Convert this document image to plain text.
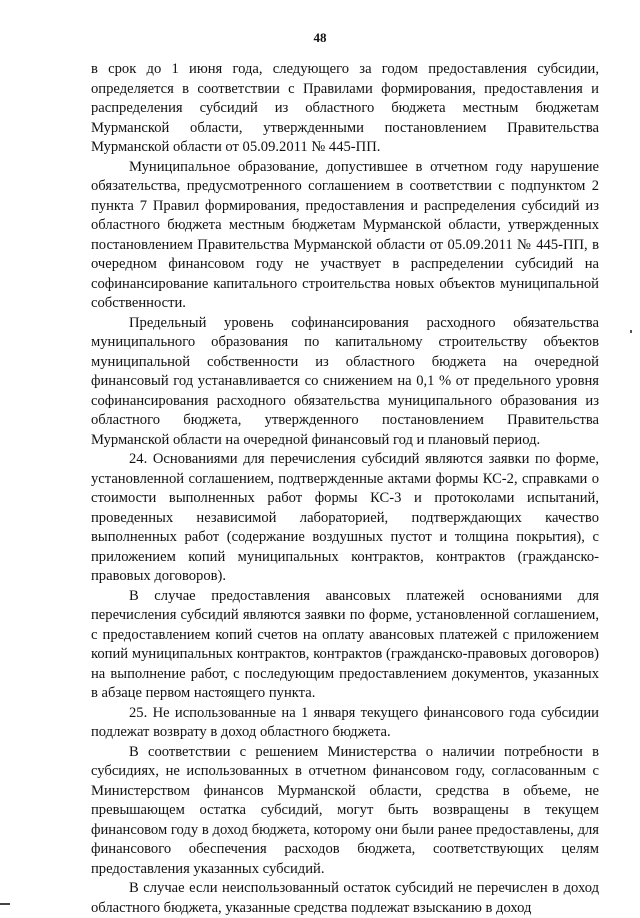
48

в срок до 1 июня года, следующего за годом предоставления субсидии, определяется в соответствии с Правилами формирования, предоставления и распределения субсидий из областного бюджета местным бюджетам Мурманской области, утвержденными постановлением Правительства Мурманской области от 05.09.2011 № 445-ПП.

Муниципальное образование, допустившее в отчетном году нарушение обязательства, предусмотренного соглашением в соответствии с подпунктом 2 пункта 7 Правил формирования, предоставления и распределения субсидий из областного бюджета местным бюджетам Мурманской области, утвержденных постановлением Правительства Мурманской области от 05.09.2011 № 445-ПП, в очередном финансовом году не участвует в распределении субсидий на софинансирование капитального строительства новых объектов муниципальной собственности.

Предельный уровень софинансирования расходного обязательства муниципального образования по капитальному строительству объектов муниципальной собственности из областного бюджета на очередной финансовый год устанавливается со снижением на 0,1 % от предельного уровня софинансирования расходного обязательства муниципального образования из областного бюджета, утвержденного постановлением Правительства Мурманской области на очередной финансовый год и плановый период.

24. Основаниями для перечисления субсидий являются заявки по форме, установленной соглашением, подтвержденные актами формы КС-2, справками о стоимости выполненных работ формы КС-3 и протоколами испытаний, проведенных независимой лабораторией, подтверждающих качество выполненных работ (содержание воздушных пустот и толщина покрытия), с приложением копий муниципальных контрактов, контрактов (гражданско-правовых договоров).

В случае предоставления авансовых платежей основаниями для перечисления субсидий являются заявки по форме, установленной соглашением, с предоставлением копий счетов на оплату авансовых платежей с приложением копий муниципальных контрактов, контрактов (гражданско-правовых договоров) на выполнение работ, с последующим предоставлением документов, указанных в абзаце первом настоящего пункта.

25. Не использованные на 1 января текущего финансового года субсидии подлежат возврату в доход областного бюджета.

В соответствии с решением Министерства о наличии потребности в субсидиях, не использованных в отчетном финансовом году, согласованным с Министерством финансов Мурманской области, средства в объеме, не превышающем остатка субсидий, могут быть возвращены в текущем финансовом году в доход бюджета, которому они были ранее предоставлены, для финансового обеспечения расходов бюджета, соответствующих целям предоставления указанных субсидий.

В случае если неиспользованный остаток субсидий не перечислен в доход областного бюджета, указанные средства подлежат взысканию в доход
